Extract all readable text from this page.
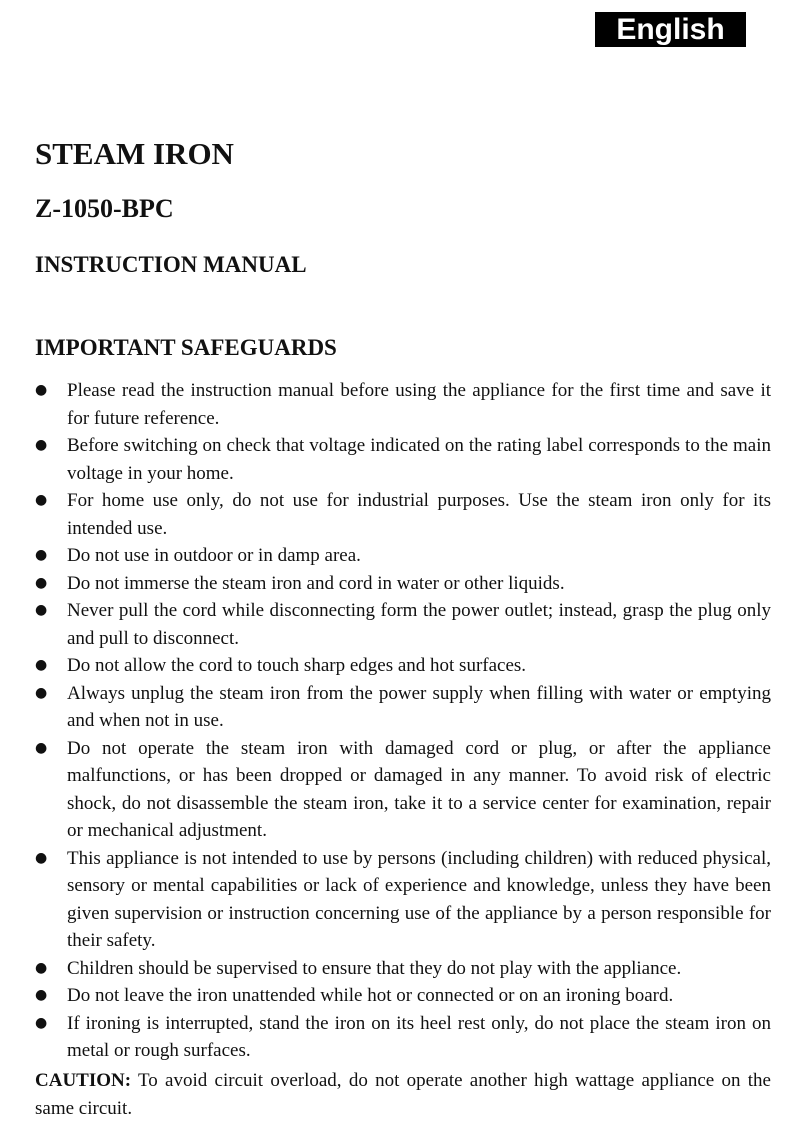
English
STEAM IRON
Z-1050-BPC
INSTRUCTION MANUAL
IMPORTANT SAFEGUARDS
● Please read the instruction manual before using the appliance for the first time and save it for future reference.
● Before switching on check that voltage indicated on the rating label corresponds to the main voltage in your home.
● For home use only, do not use for industrial purposes. Use the steam iron only for its intended use.
● Do not use in outdoor or in damp area.
● Do not immerse the steam iron and cord in water or other liquids.
● Never pull the cord while disconnecting form the power outlet; instead, grasp the plug only and pull to disconnect.
● Do not allow the cord to touch sharp edges and hot surfaces.
● Always unplug the steam iron from the power supply when filling with water or emptying and when not in use.
● Do not operate the steam iron with damaged cord or plug, or after the appliance malfunctions, or has been dropped or damaged in any manner. To avoid risk of electric shock, do not disassemble the steam iron, take it to a service center for examination, repair or mechanical adjustment.
● This appliance is not intended to use by persons (including children) with reduced physical, sensory or mental capabilities or lack of experience and knowledge, unless they have been given supervision or instruction concerning use of the appliance by a person responsible for their safety.
● Children should be supervised to ensure that they do not play with the appliance.
● Do not leave the iron unattended while hot or connected or on an ironing board.
● If ironing is interrupted, stand the iron on its heel rest only, do not place the steam iron on metal or rough surfaces.

CAUTION: To avoid circuit overload, do not operate another high wattage appliance on the same circuit.
